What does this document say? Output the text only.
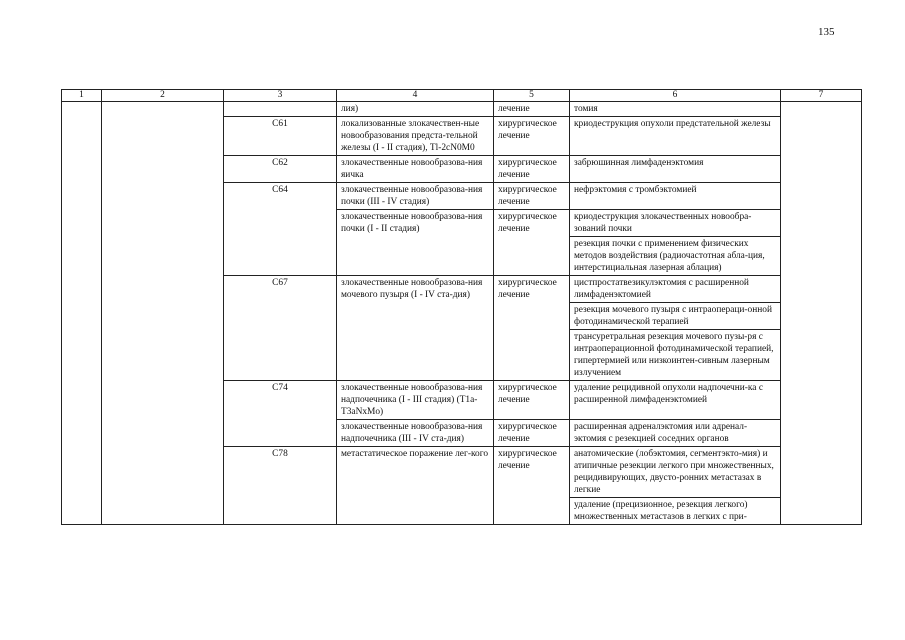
135
1	2	3	4	5	6	7
			лия)	лечение	томия	
		C61	локализованные злокачествен-ные новообразования предста-тельной железы (I - II стадия), Tl-2cN0M0	хирургическое лечение	криодеструкция опухоли предстательной железы	
		C62	злокачественные новообразова-ния яичка	хирургическое лечение	забрюшинная лимфаденэктомия	
		C64	злокачественные новообразова-ния почки (III - IV стадия)	хирургическое лечение	нефрэктомия с тромбэктомией	
			злокачественные новообразова-ния почки (I - II стадия)	хирургическое лечение	криодеструкция злокачественных новообра-зований почки	
					резекция почки с применением физических методов воздействия (радиочастотная абла-ция, интерстициальная лазерная аблация)	
		C67	злокачественные новообразова-ния мочевого пузыря (I - IV ста-дия)	хирургическое лечение	цистпростатвезикулэктомия с расширенной лимфаденэктомией	
					резекция мочевого пузыря с интраопераци-онной фотодинамической терапией	
					трансуретральная резекция мочевого пузы-ря с интраоперационной фотодинамической терапией, гипертермией или низкоинтен-сивным лазерным излучением	
		C74	злокачественные новообразова-ния надпочечника (I - III стадия) (T1a-T3aNxMo)	хирургическое лечение	удаление рецидивной опухоли надпочечни-ка с расширенной лимфаденэктомией	
			злокачественные новообразова-ния надпочечника (III - IV ста-дия)	хирургическое лечение	расширенная адреналэктомия или адренал-эктомия с резекцией соседних органов	
		C78	метастатическое поражение лег-кого	хирургическое лечение	анатомические (лобэктомия, сегментэкто-мия) и атипичные резекции легкого при множественных, рецидивирующих, двусто-ронних метастазах в легкие	
					удаление (прецизионное, резекция легкого) множественных метастазов в легких с при-	
